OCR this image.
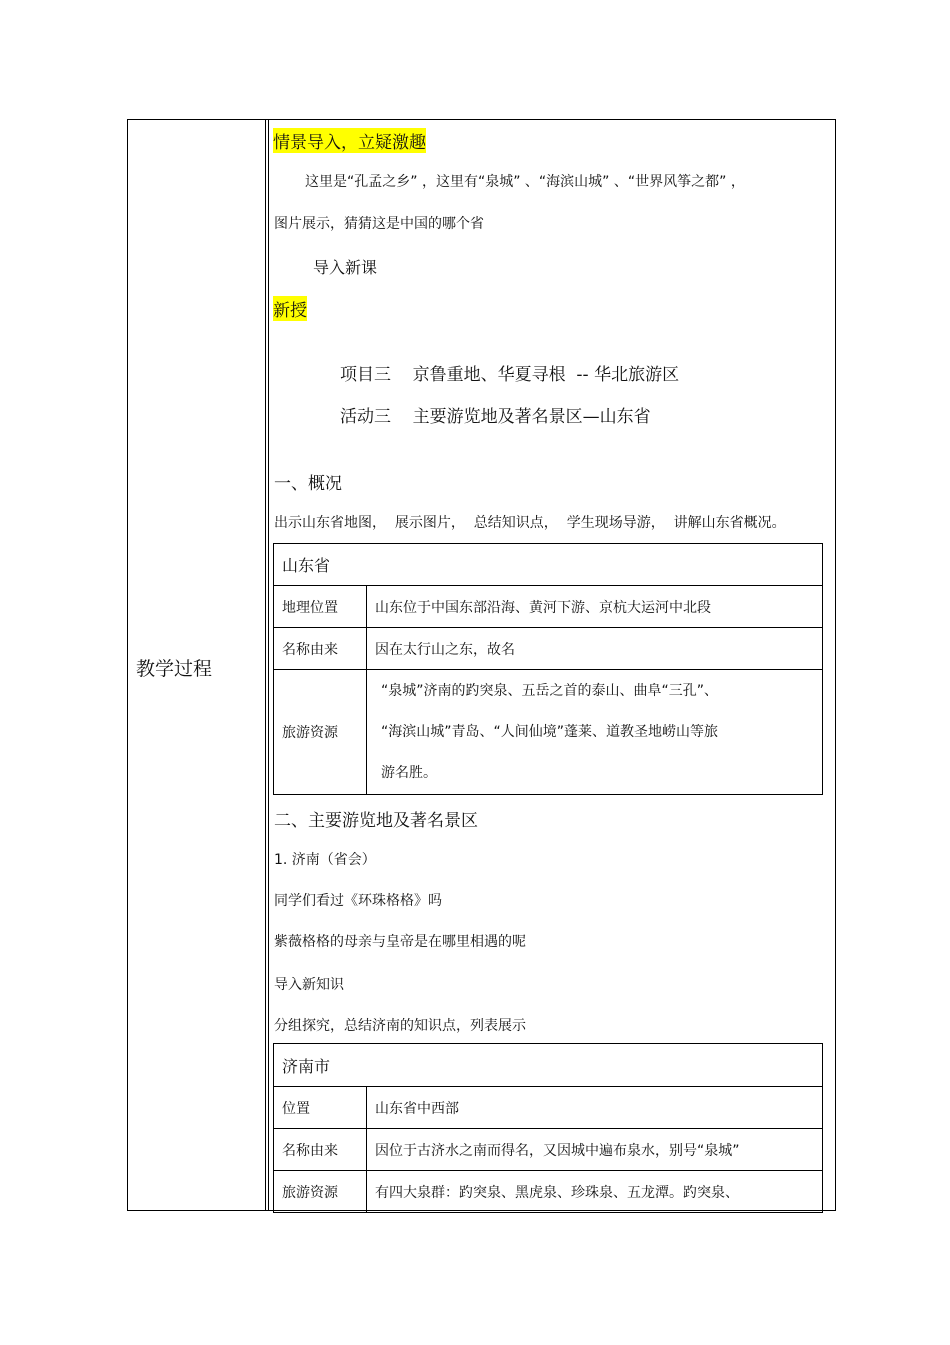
教学过程
情景导入，立疑激趣
这里是“孔孟之乡” ，这里有“泉城” 、“海滨山城” 、“世界风筝之都” ，
图片展示，猜猜这是中国的哪个省
导入新课
新授
项目三    京鲁重地、华夏寻根  -- 华北旅游区
活动三    主要游览地及著名景区—山东省
一、概况
出示山东省地图，  展示图片，  总结知识点，  学生现场导游，  讲解山东省概况。
山东省	
地理位置	山东位于中国东部沿海、黄河下游、京杭大运河中北段
名称由来	因在太行山之东，故名
旅游资源	“泉城”济南的趵突泉、五岳之首的泰山、曲阜“三孔”、
“海滨山城”青岛、“人间仙境”蓬莱、道教圣地崂山等旅
游名胜。
二、主要游览地及著名景区
1. 济南（省会）
同学们看过《环珠格格》吗
紫薇格格的母亲与皇帝是在哪里相遇的呢
导入新知识
分组探究，总结济南的知识点，列表展示
济南市	
位置	山东省中西部
名称由来	因位于古济水之南而得名，又因城中遍布泉水，别号“泉城”
旅游资源	有四大泉群：趵突泉、黑虎泉、珍珠泉、五龙潭。趵突泉、
